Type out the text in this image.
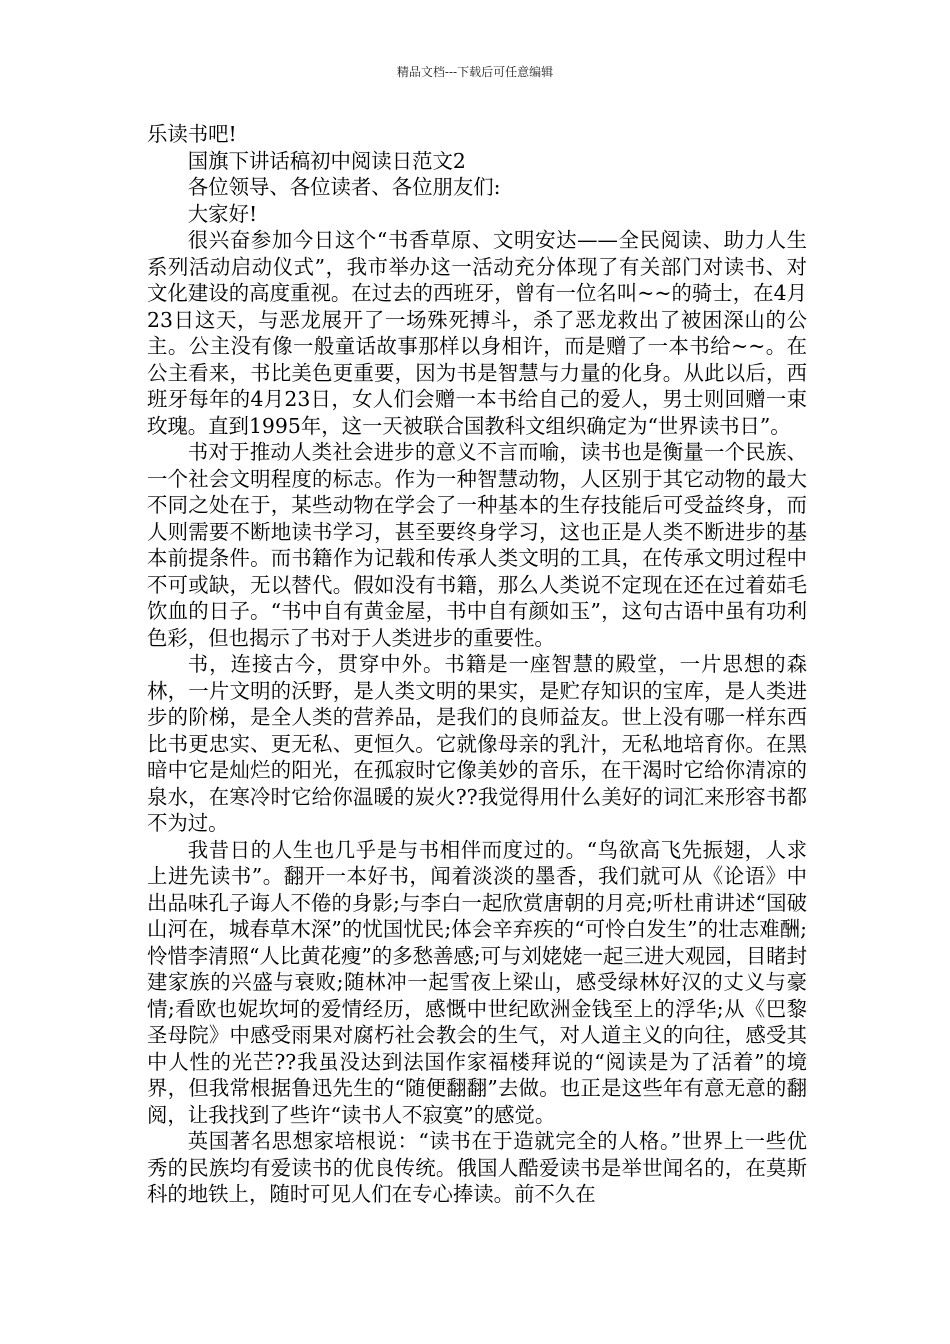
精品文档---下载后可任意编辑

乐读书吧!

国旗下讲话稿初中阅读日范文2

各位领导、各位读者、各位朋友们:

大家好!

很兴奋参加今日这个“书香草原、文明安达——全民阅读、助力人生系列活动启动仪式”，我市举办这一活动充分体现了有关部门对读书、对文化建设的高度重视。在过去的西班牙，曾有一位名叫~~的骑士，在4月23日这天，与恶龙展开了一场殊死搏斗，杀了恶龙救出了被困深山的公主。公主没有像一般童话故事那样以身相许，而是赠了一本书给~~。在公主看来，书比美色更重要，因为书是智慧与力量的化身。从此以后，西班牙每年的4月23日，女人们会赠一本书给自己的爱人，男士则回赠一束玫瑰。直到1995年，这一天被联合国教科文组织确定为“世界读书日”。

书对于推动人类社会进步的意义不言而喻，读书也是衡量一个民族、一个社会文明程度的标志。作为一种智慧动物，人区别于其它动物的最大不同之处在于，某些动物在学会了一种基本的生存技能后可受益终身，而人则需要不断地读书学习，甚至要终身学习，这也正是人类不断进步的基本前提条件。而书籍作为记载和传承人类文明的工具，在传承文明过程中不可或缺，无以替代。假如没有书籍，那么人类说不定现在还在过着茹毛饮血的日子。“书中自有黄金屋，书中自有颜如玉”，这句古语中虽有功利色彩，但也揭示了书对于人类进步的重要性。

书，连接古今，贯穿中外。书籍是一座智慧的殿堂，一片思想的森林，一片文明的沃野，是人类文明的果实，是贮存知识的宝库，是人类进步的阶梯，是全人类的营养品，是我们的良师益友。世上没有哪一样东西比书更忠实、更无私、更恒久。它就像母亲的乳汁，无私地培育你。在黑暗中它是灿烂的阳光，在孤寂时它像美妙的音乐，在干渴时它给你清凉的泉水，在寒冷时它给你温暖的炭火??我觉得用什么美好的词汇来形容书都不为过。

我昔日的人生也几乎是与书相伴而度过的。“鸟欲高飞先振翅，人求上进先读书”。翻开一本好书，闻着淡淡的墨香，我们就可从《论语》中出品味孔子诲人不倦的身影;与李白一起欣赏唐朝的月亮;听杜甫讲述“国破山河在，城春草木深”的忧国忧民;体会辛弃疾的“可怜白发生”的壮志难酬;怜惜李清照“人比黄花瘦”的多愁善感;可与刘姥姥一起三进大观园，目睹封建家族的兴盛与衰败;随林冲一起雪夜上梁山，感受绿林好汉的丈义与豪情;看欧也妮坎坷的爱情经历，感慨中世纪欧洲金钱至上的浮华;从《巴黎圣母院》中感受雨果对腐朽社会教会的生气，对人道主义的向往，感受其中人性的光芒??我虽没达到法国作家福楼拜说的“阅读是为了活着”的境界，但我常根据鲁迅先生的“随便翻翻”去做。也正是这些年有意无意的翻阅，让我找到了些许“读书人不寂寞”的感觉。

英国著名思想家培根说：“读书在于造就完全的人格。”世界上一些优秀的民族均有爱读书的优良传统。俄国人酷爱读书是举世闻名的，在莫斯科的地铁上，随时可见人们在专心捧读。前不久在
